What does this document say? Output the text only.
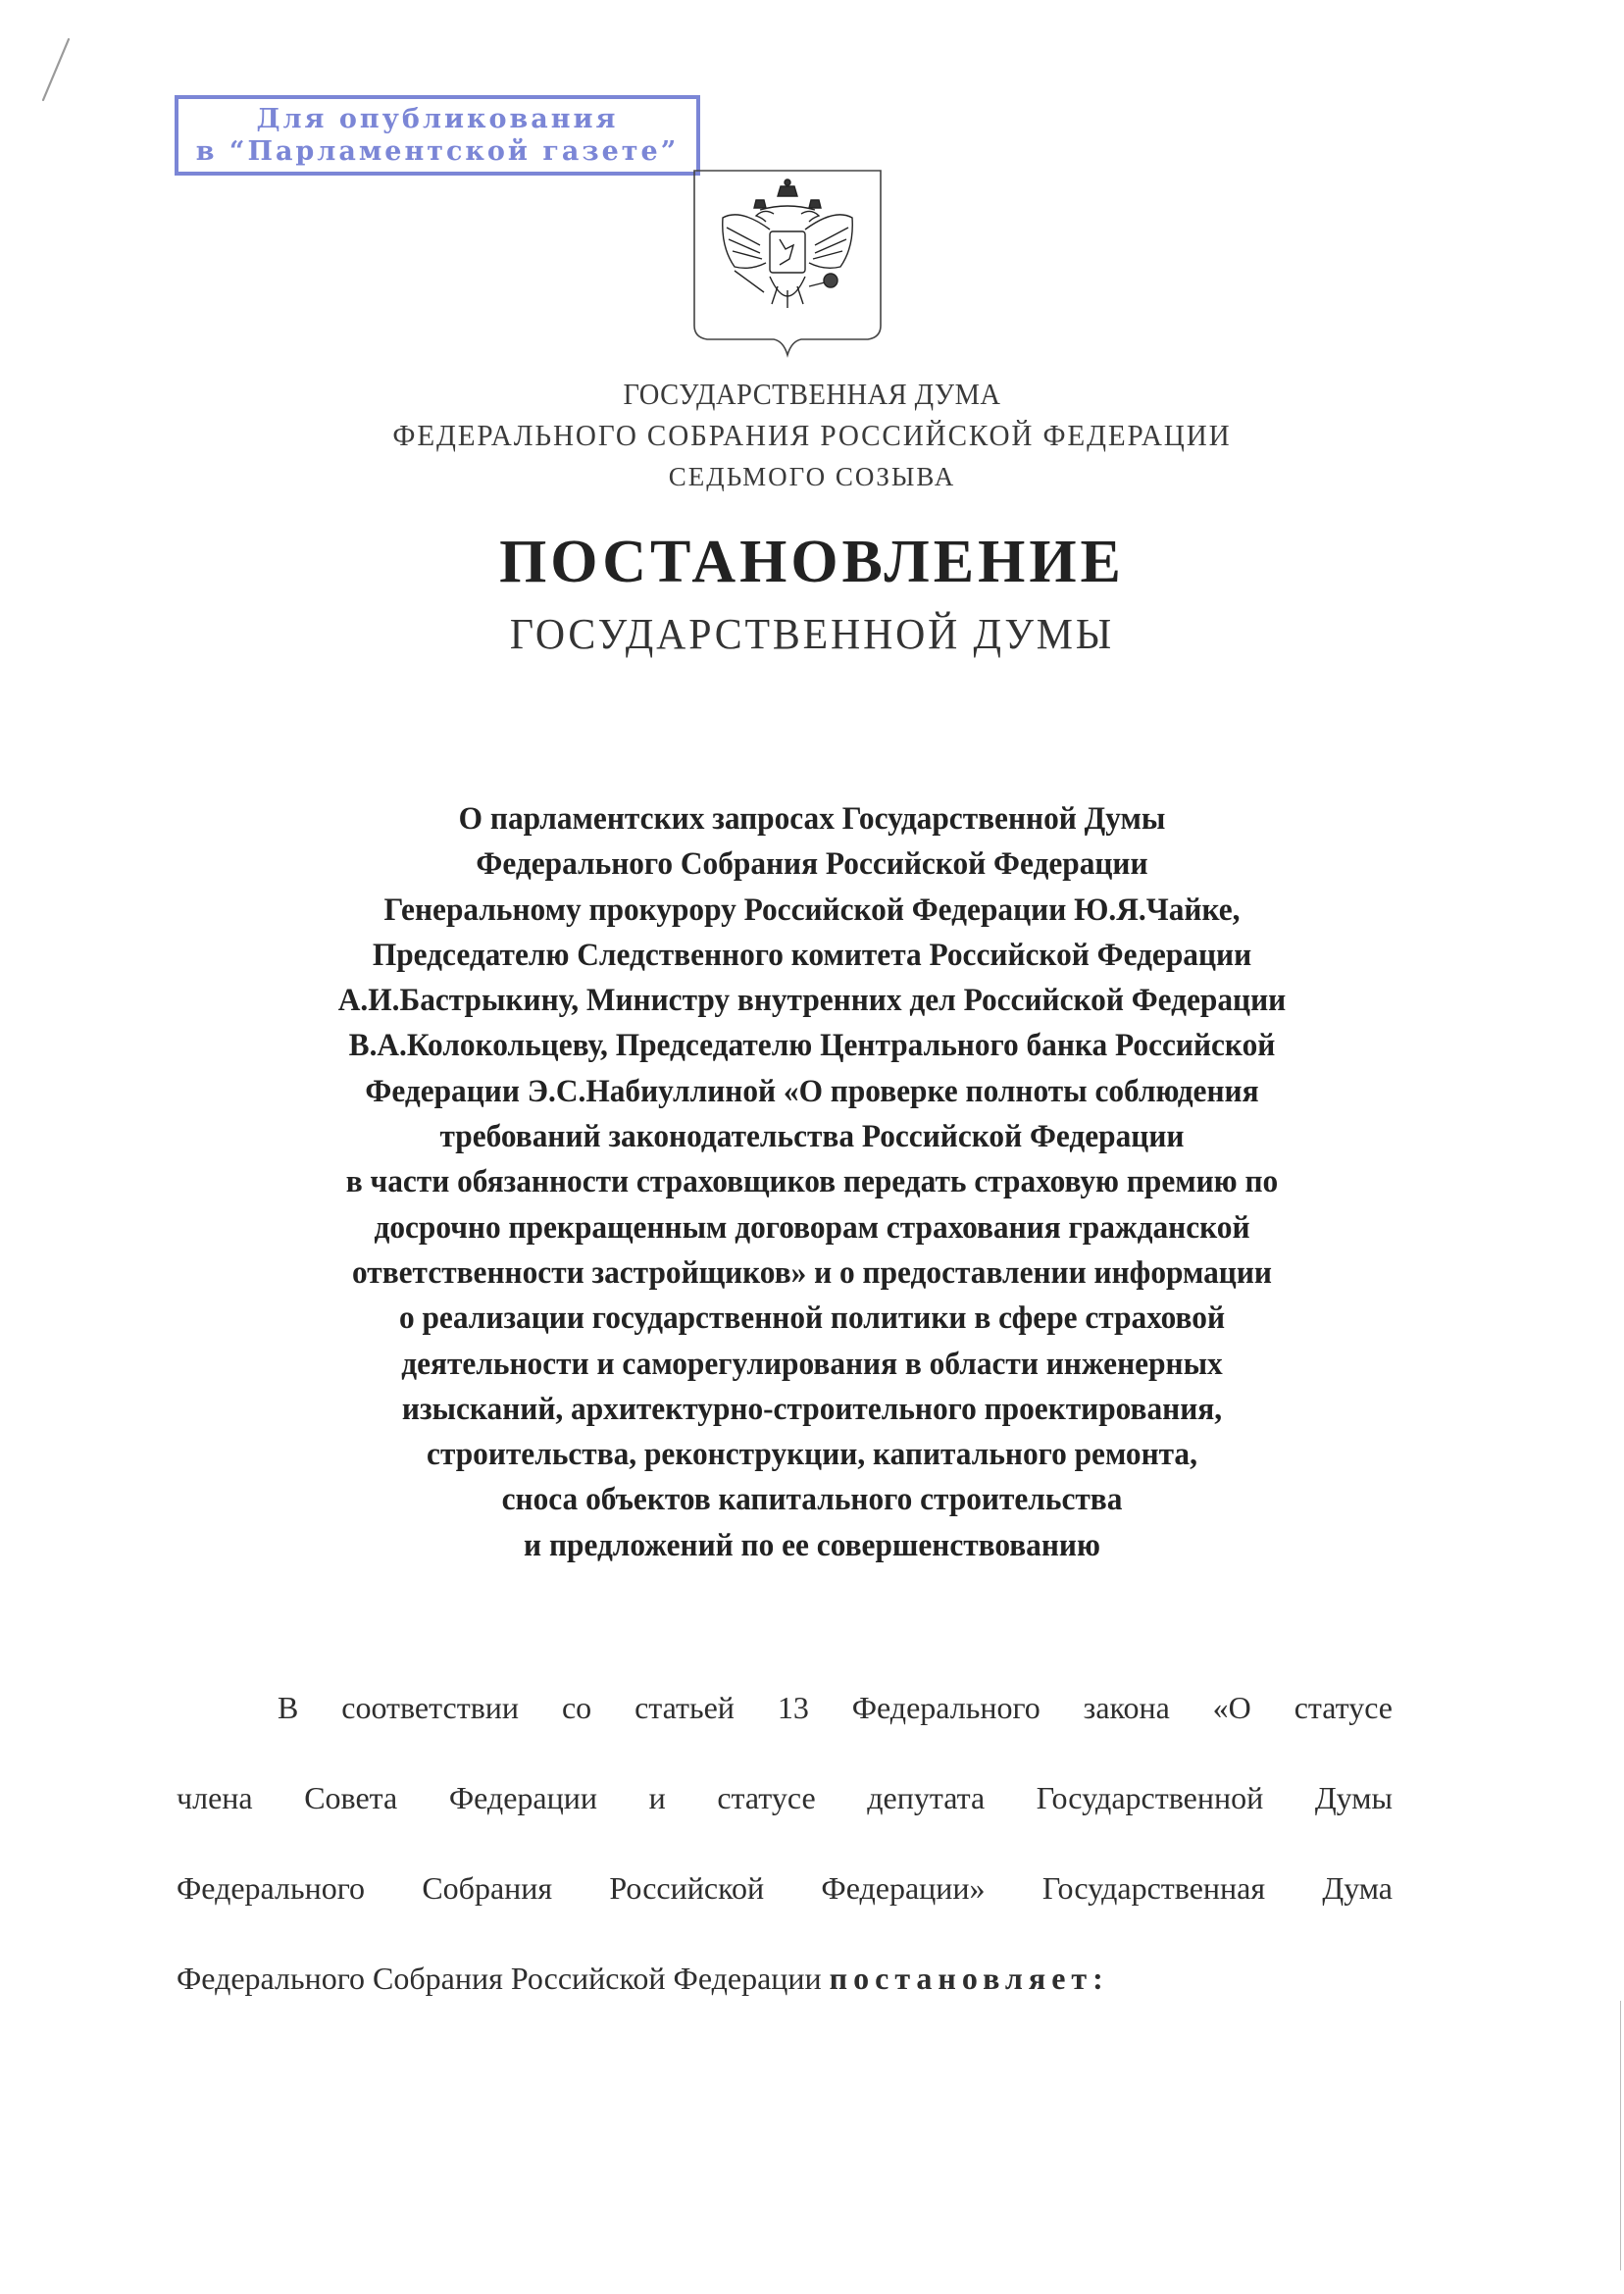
Для опубликования
в “Парламентской газете”
ГОСУДАРСТВЕННАЯ ДУМА
ФЕДЕРАЛЬНОГО СОБРАНИЯ РОССИЙСКОЙ ФЕДЕРАЦИИ
СЕДЬМОГО СОЗЫВА
ПОСТАНОВЛЕНИЕ
ГОСУДАРСТВЕННОЙ ДУМЫ
О парламентских запросах Государственной Думы
Федерального Собрания Российской Федерации
Генеральному прокурору Российской Федерации Ю.Я.Чайке,
Председателю Следственного комитета Российской Федерации
А.И.Бастрыкину, Министру внутренних дел Российской Федерации
В.А.Колокольцеву, Председателю Центрального банка Российской
Федерации Э.С.Набиуллиной «О проверке полноты соблюдения
требований законодательства Российской Федерации
в части обязанности страховщиков передать страховую премию по
досрочно прекращенным договорам страхования гражданской
ответственности застройщиков» и о предоставлении информации
о реализации государственной политики в сфере страховой
деятельности и саморегулирования в области инженерных
изысканий, архитектурно-строительного проектирования,
строительства, реконструкции, капитального ремонта,
сноса объектов капитального строительства
и предложений по ее совершенствованию
В соответствии со статьей 13 Федерального закона «О статусе
члена Совета Федерации и статусе депутата Государственной Думы
Федерального Собрания Российской Федерации» Государственная Дума
Федерального Собрания Российской Федерации постановляет:
